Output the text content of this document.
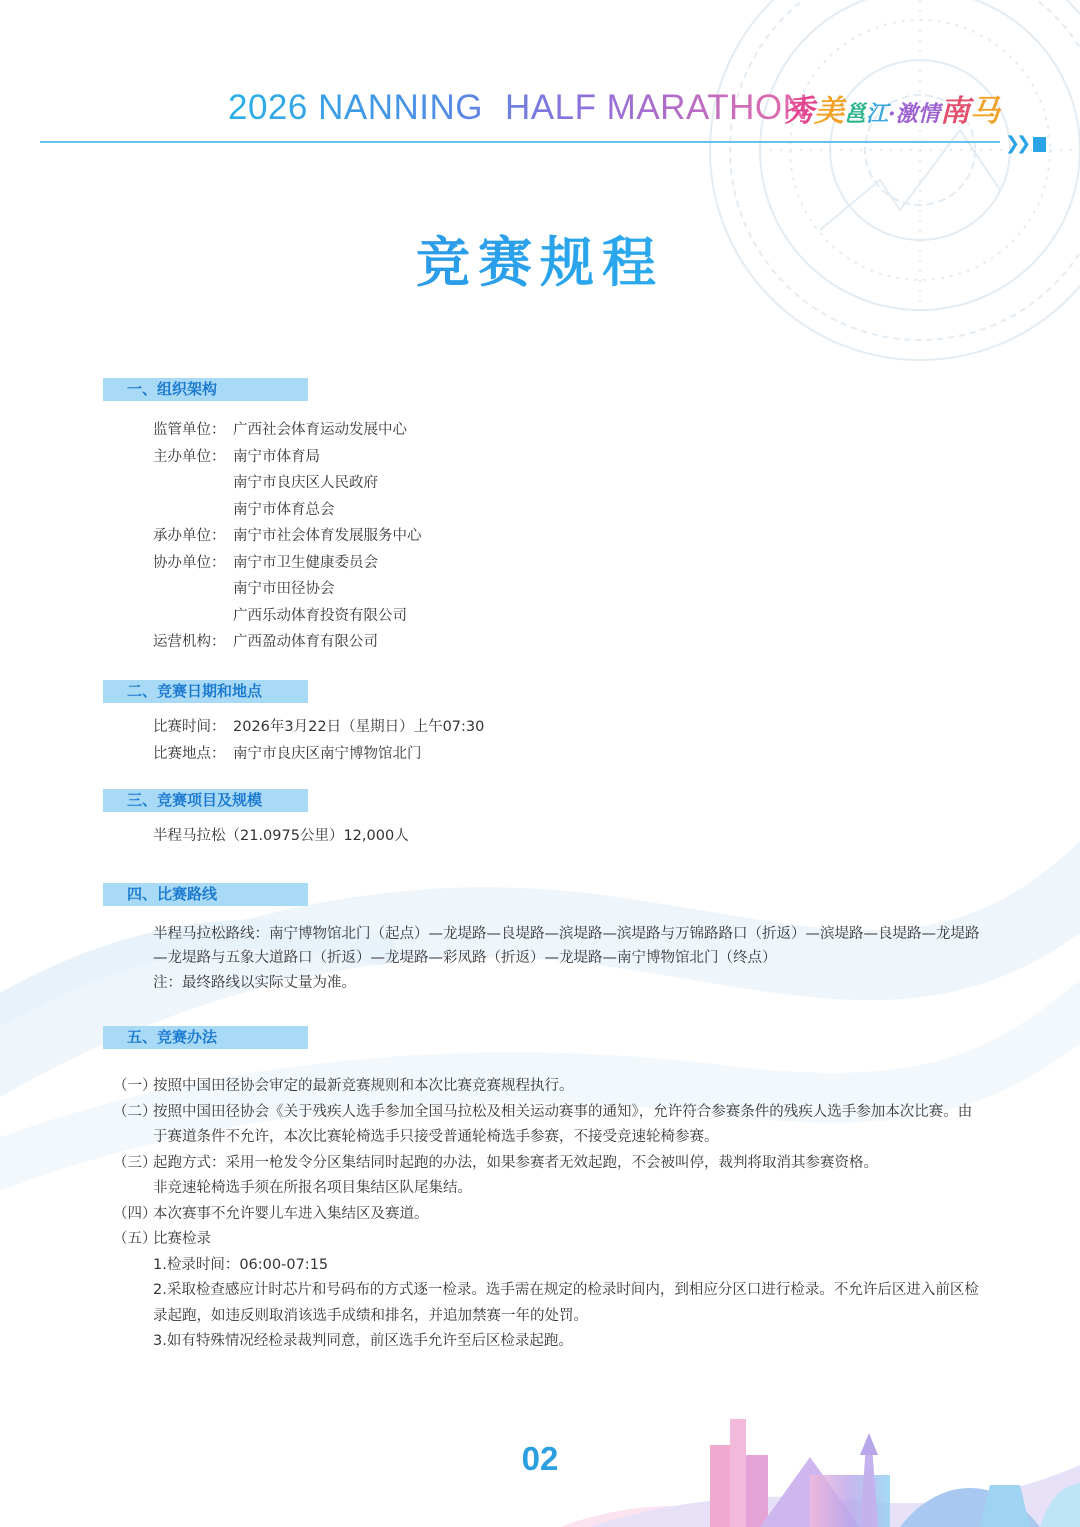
2026 NANNING HALF MARATHON
秀美邕江·激情南马
❯❯
竞赛规程
一、组织架构
监管单位： 广西社会体育运动发展中心
主办单位： 南宁市体育局
南宁市良庆区人民政府
南宁市体育总会
承办单位： 南宁市社会体育发展服务中心
协办单位： 南宁市卫生健康委员会
南宁市田径协会
广西乐动体育投资有限公司
运营机构： 广西盈动体育有限公司
二、竞赛日期和地点
比赛时间： 2026年3月22日（星期日）上午07:30
比赛地点： 南宁市良庆区南宁博物馆北门
三、竞赛项目及规模
半程马拉松（21.0975公里）12,000人
四、比赛路线
半程马拉松路线：南宁博物馆北门（起点）—龙堤路—良堤路—滨堤路—滨堤路与万锦路路口（折返）—滨堤路—良堤路—龙堤路—龙堤路与五象大道路口（折返）—龙堤路—彩凤路（折返）—龙堤路—南宁博物馆北门（终点）
注：最终路线以实际丈量为准。
五、竞赛办法
（一）
按照中国田径协会审定的最新竞赛规则和本次比赛竞赛规程执行。
（二）
按照中国田径协会《关于残疾人选手参加全国马拉松及相关运动赛事的通知》，允许符合参赛条件的残疾人选手参加本次比赛。由于赛道条件不允许，本次比赛轮椅选手只接受普通轮椅选手参赛，不接受竞速轮椅参赛。
（三）
起跑方式：采用一枪发令分区集结同时起跑的办法，如果参赛者无效起跑，不会被叫停，裁判将取消其参赛资格。
非竞速轮椅选手须在所报名项目集结区队尾集结。
（四）
本次赛事不允许婴儿车进入集结区及赛道。
（五）
比赛检录
1.检录时间：06:00-07:15
2.采取检查感应计时芯片和号码布的方式逐一检录。选手需在规定的检录时间内，到相应分区口进行检录。不允许后区进入前区检录起跑，如违反则取消该选手成绩和排名，并追加禁赛一年的处罚。
3.如有特殊情况经检录裁判同意，前区选手允许至后区检录起跑。
02
